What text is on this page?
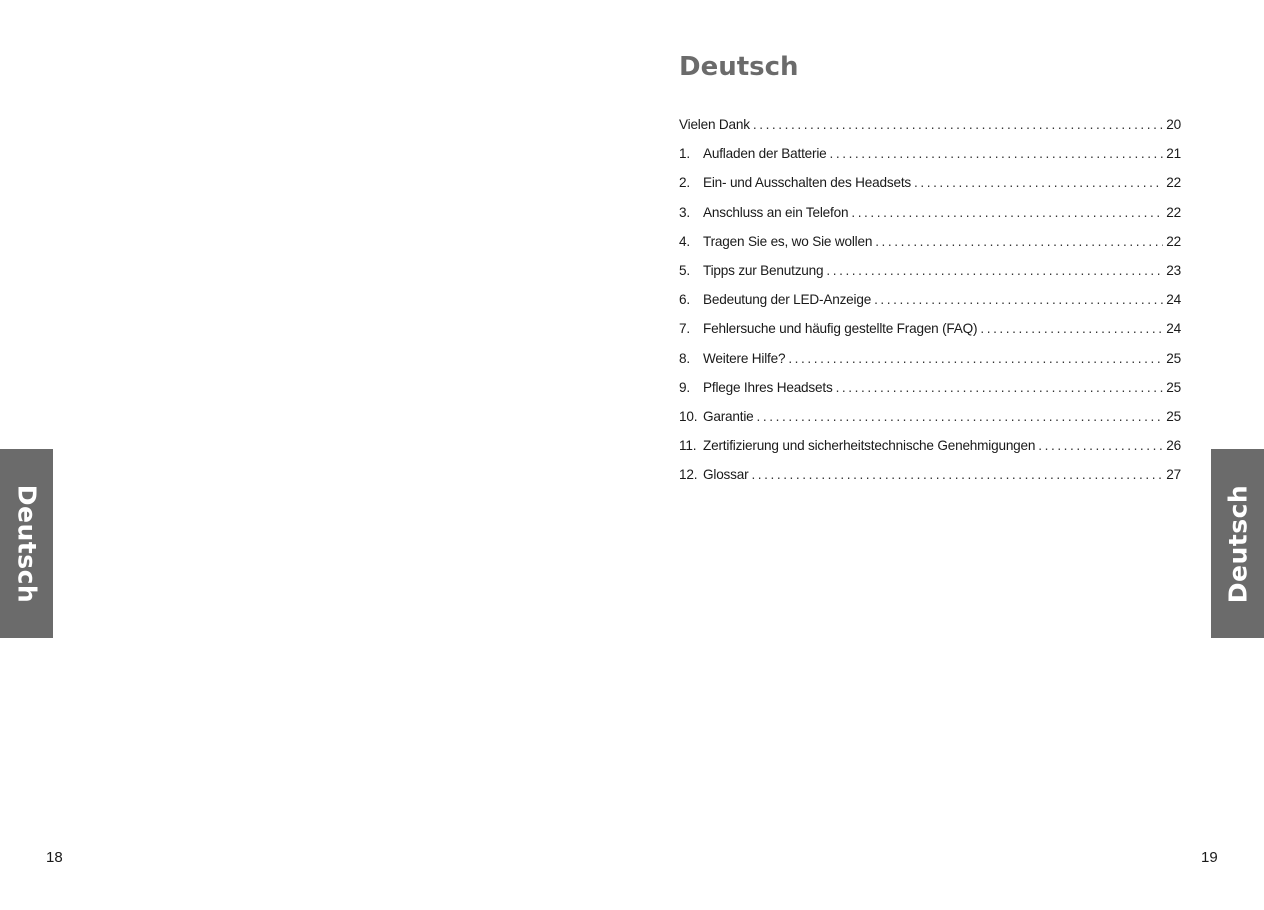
Deutsch
18
Deutsch
Vielen Dank . . .	20
1. Aufladen der Batterie . . .	21
2. Ein- und Ausschalten des Headsets . . .	22
3. Anschluss an ein Telefon . . .	22
4. Tragen Sie es, wo Sie wollen . . .	22
5. Tipps zur Benutzung . . .	23
6. Bedeutung der LED-Anzeige . . .	24
7. Fehlersuche und häufig gestellte Fragen (FAQ) . . .	24
8. Weitere Hilfe? . . .	25
9. Pflege Ihres Headsets . . .	25
10. Garantie . . .	25
11. Zertifizierung und sicherheitstechnische Genehmigungen . . .	26
12. Glossar . . .	27
Deutsch
19
